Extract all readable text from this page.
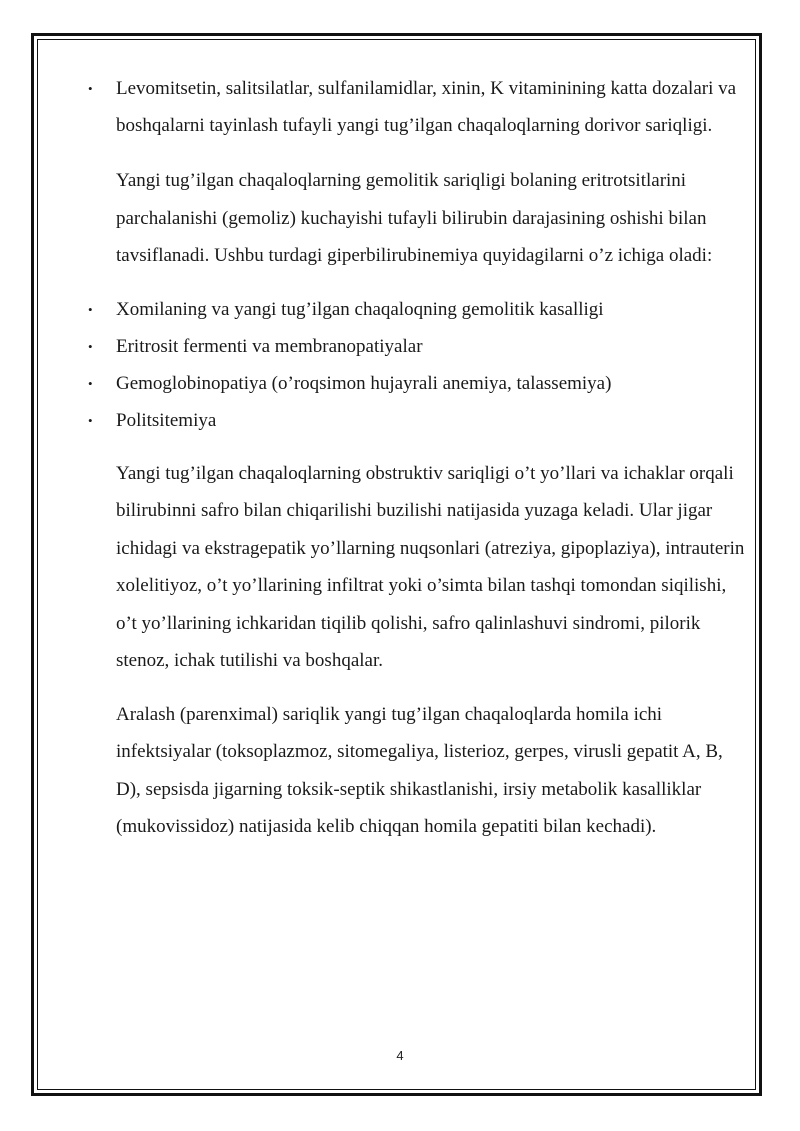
• Levomitsetin, salitsilatlar, sulfanilamidlar, xinin, K vitaminining katta dozalari va boshqalarni tayinlash tufayli yangi tug’ilgan chaqaloqlarning dorivor sariqligi.
Yangi tug’ilgan chaqaloqlarning gemolitik sariqligi bolaning eritrotsitlarini parchalanishi (gemoliz) kuchayishi tufayli bilirubin darajasining oshishi bilan tavsiflanadi. Ushbu turdagi giperbilirubinemiya quyidagilarni o’z ichiga oladi:
• Xomilaning va yangi tug’ilgan chaqaloqning gemolitik kasalligi
• Eritrosit fermenti va membranopatiyalar
• Gemoglobinopatiya (o’roqsimon hujayrali anemiya, talassemiya)
• Politsitemiya
Yangi tug’ilgan chaqaloqlarning obstruktiv sariqligi o’t yo’llari va ichaklar orqali bilirubinni safro bilan chiqarilishi buzilishi natijasida yuzaga keladi. Ular jigar ichidagi va ekstragepatik yo’llarning nuqsonlari (atreziya, gipoplaziya), intrauterin xolelitiyoz, o’t yo’llarining infiltrat yoki o’simta bilan tashqi tomondan siqilishi, o’t yo’llarining ichkaridan tiqilib qolishi, safro qalinlashuvi sindromi, pilorik stenoz, ichak tutilishi va boshqalar.
Aralash (parenximal) sariqlik yangi tug’ilgan chaqaloqlarda homila ichi infektsiyalar (toksoplazmoz, sitomegaliya, listerioz, gerpes, virusli gepatit A, B, D), sepsisda jigarning toksik-septik shikastlanishi, irsiy metabolik kasalliklar (mukovissidoz) natijasida kelib chiqqan homila gepatiti bilan kechadi).
4
